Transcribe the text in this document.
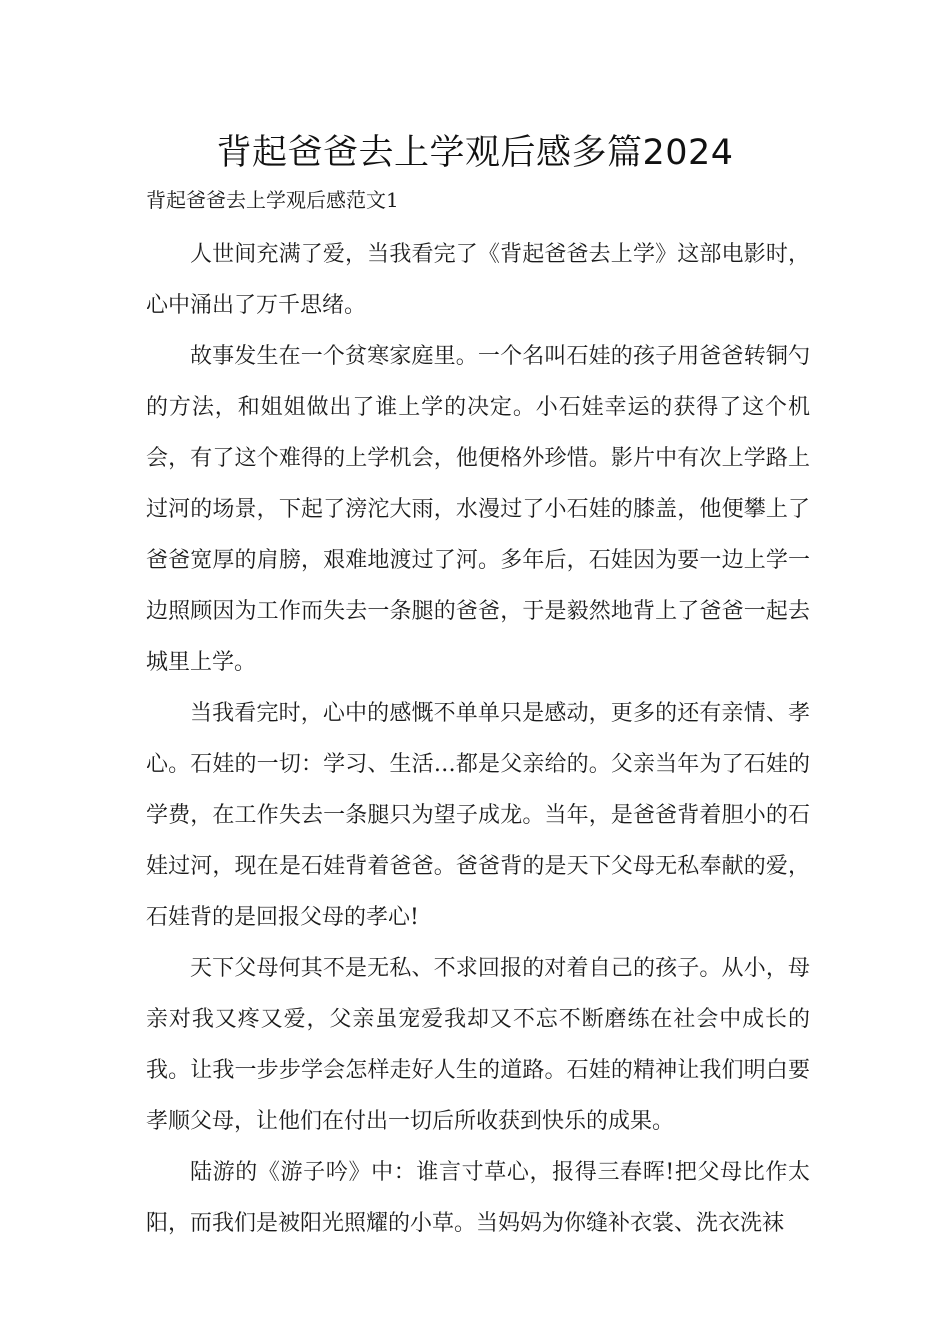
背起爸爸去上学观后感多篇2024
背起爸爸去上学观后感范文1

人世间充满了爱，当我看完了《背起爸爸去上学》这部电影时，心中涌出了万千思绪。

故事发生在一个贫寒家庭里。一个名叫石娃的孩子用爸爸转铜勺的方法，和姐姐做出了谁上学的决定。小石娃幸运的获得了这个机会，有了这个难得的上学机会，他便格外珍惜。影片中有次上学路上过河的场景，下起了滂沱大雨，水漫过了小石娃的膝盖，他便攀上了爸爸宽厚的肩膀，艰难地渡过了河。多年后，石娃因为要一边上学一边照顾因为工作而失去一条腿的爸爸，于是毅然地背上了爸爸一起去城里上学。

当我看完时，心中的感慨不单单只是感动，更多的还有亲情、孝心。石娃的一切：学习、生活…都是父亲给的。父亲当年为了石娃的学费，在工作失去一条腿只为望子成龙。当年，是爸爸背着胆小的石娃过河，现在是石娃背着爸爸。爸爸背的是天下父母无私奉献的爱，石娃背的是回报父母的孝心!

天下父母何其不是无私、不求回报的对着自己的孩子。从小，母亲对我又疼又爱，父亲虽宠爱我却又不忘不断磨练在社会中成长的我。让我一步步学会怎样走好人生的道路。石娃的精神让我们明白要孝顺父母，让他们在付出一切后所收获到快乐的成果。

陆游的《游子吟》中：谁言寸草心，报得三春晖!把父母比作太阳，而我们是被阳光照耀的小草。当妈妈为你缝补衣裳、洗衣洗袜
